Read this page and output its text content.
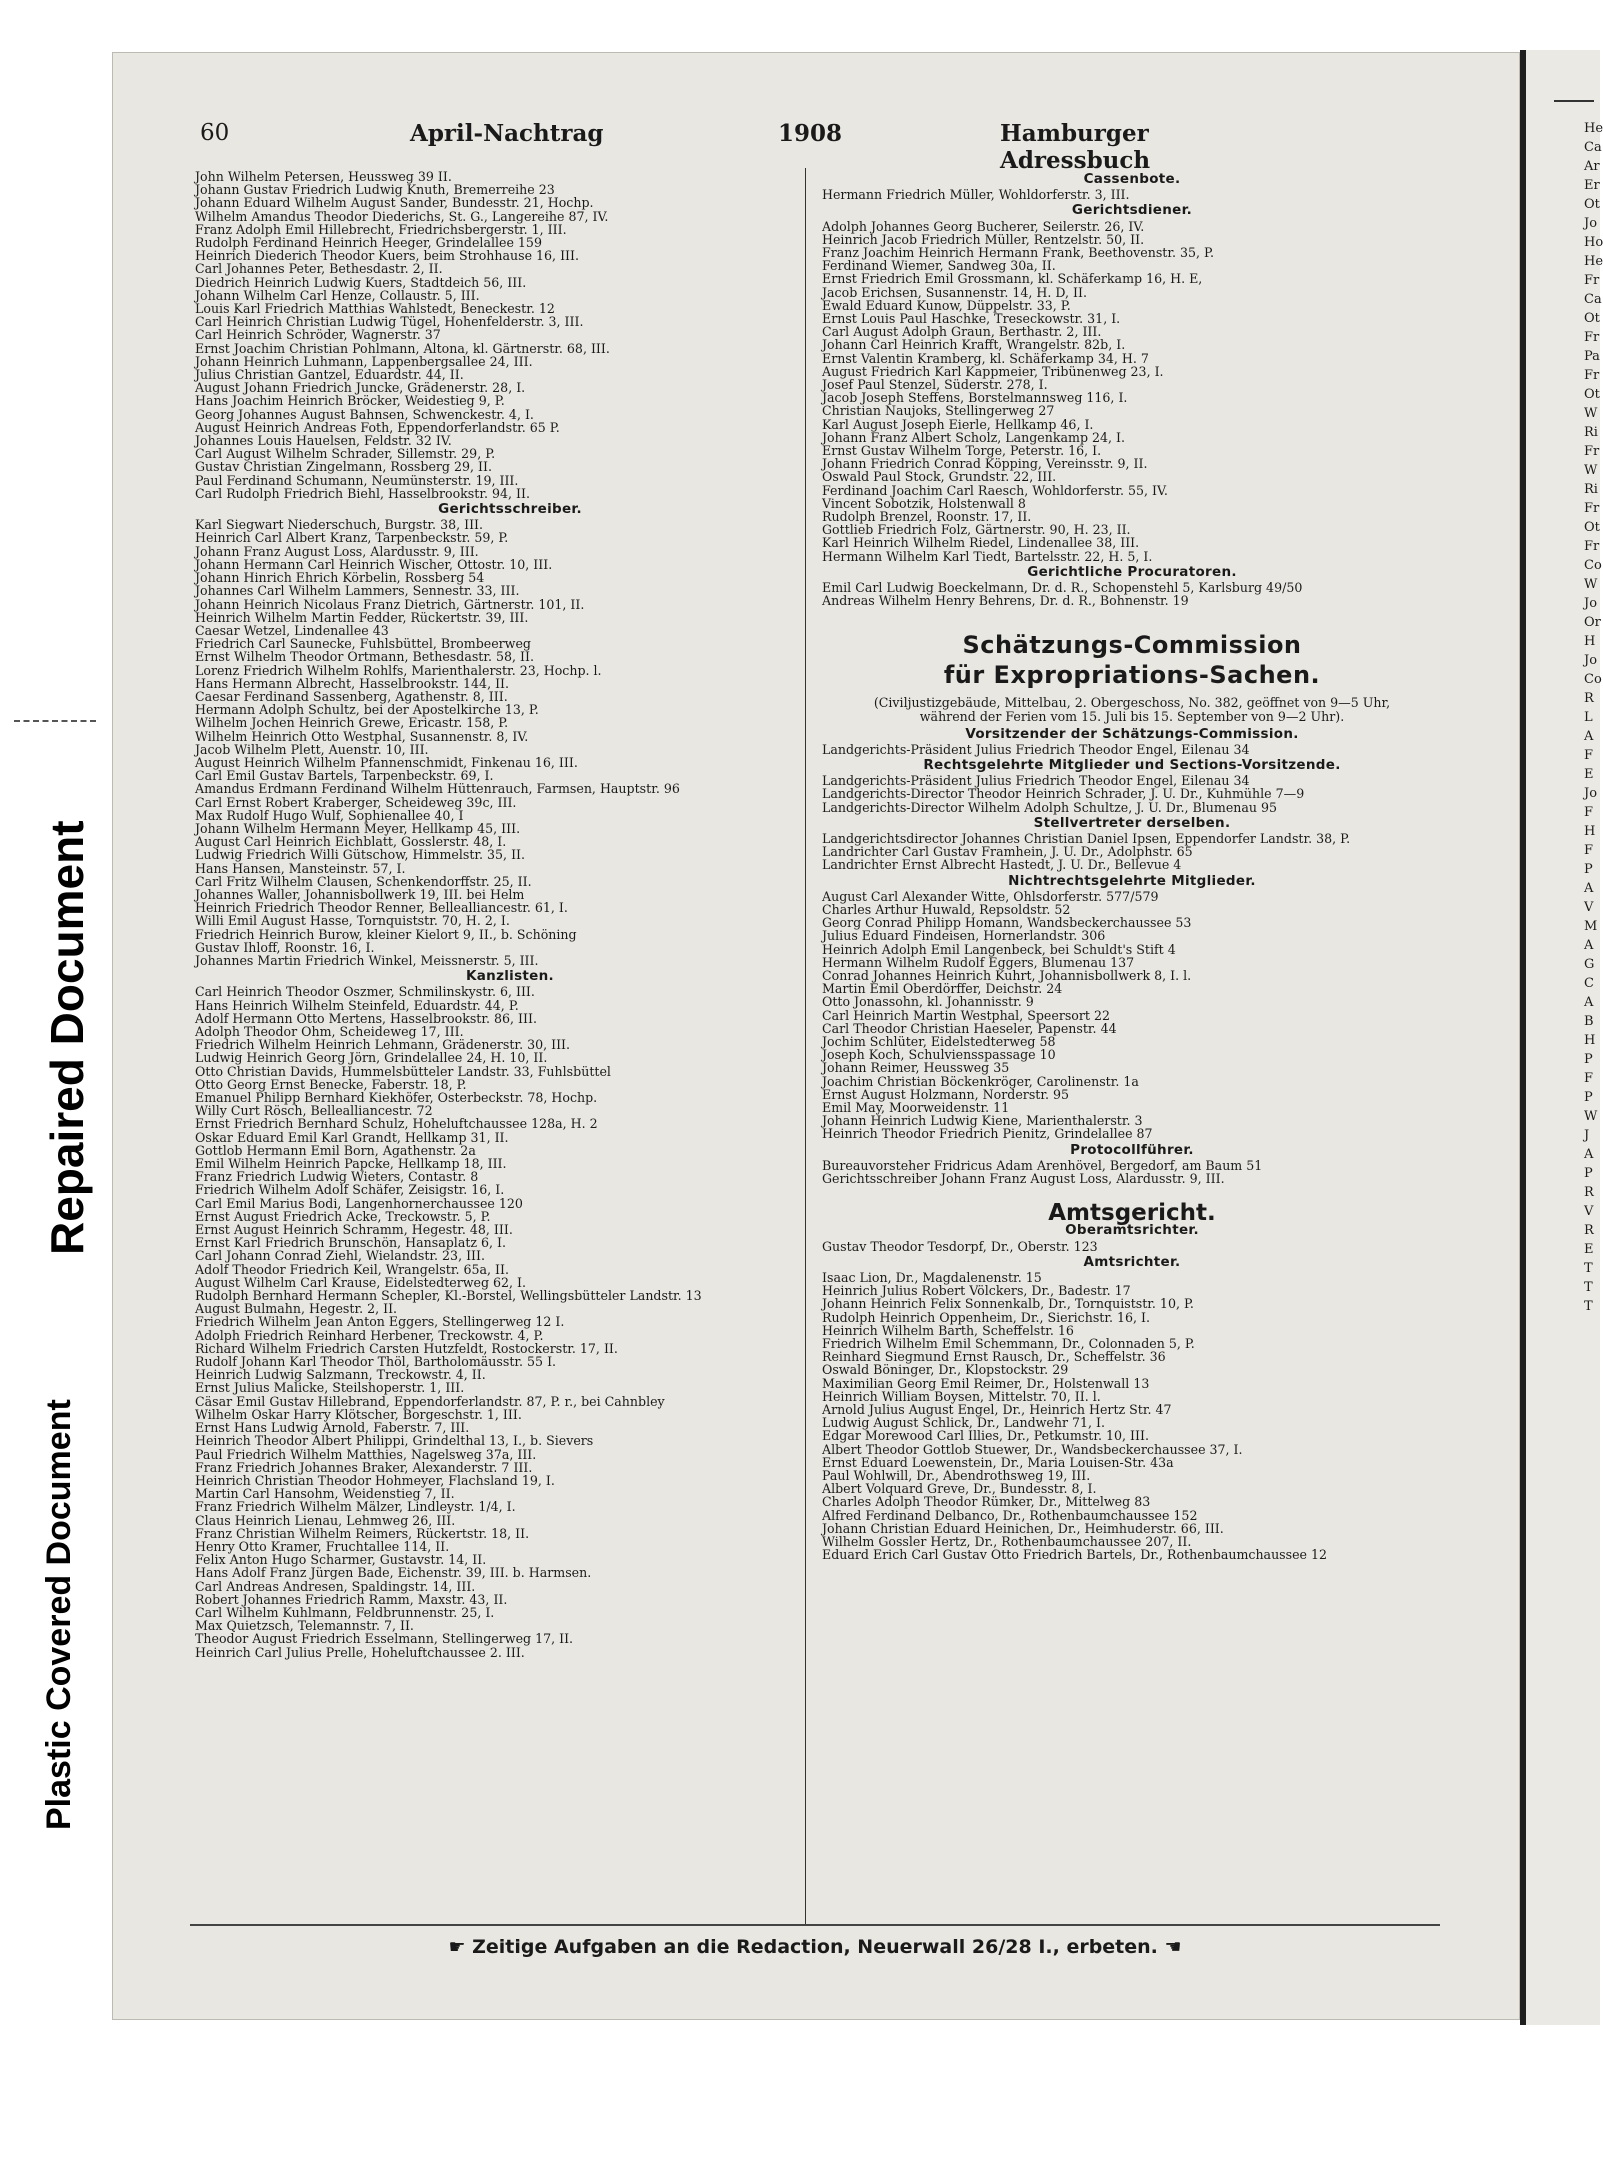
Repaired Document
Plastic Covered Document
He
Ca
Ar
Er
Ot
Jo
Ho
He
Fr
Ca
Ot
Fr
Pa
Fr
Ot
W
Ri
Fr
W
Ri
Fr
Ot
Fr
Co
W
Jo
Or
H
Jo
Co
R
L
A
F
E
Jo
F
H
F
P
A
V
M
A
G
C
A
B
H
P
F
P
W
J
A
P
R
V
R
E
T
T
T
60	April-Nachtrag	1908	Hamburger Adressbuch
John Wilhelm Petersen, Heussweg 39 II.
Johann Gustav Friedrich Ludwig Knuth, Bremerreihe 23
Johann Eduard Wilhelm August Sander, Bundesstr. 21, Hochp.
Wilhelm Amandus Theodor Diederichs, St. G., Langereihe 87, IV.
Franz Adolph Emil Hillebrecht, Friedrichsbergerstr. 1, III.
Rudolph Ferdinand Heinrich Heeger, Grindelallee 159
Heinrich Diederich Theodor Kuers, beim Strohhause 16, III.
Carl Johannes Peter, Bethesdastr. 2, II.
Diedrich Heinrich Ludwig Kuers, Stadtdeich 56, III.
Johann Wilhelm Carl Henze, Collaustr. 5, III.
Louis Karl Friedrich Matthias Wahlstedt, Beneckestr. 12
Carl Heinrich Christian Ludwig Tügel, Hohenfelderstr. 3, III.
Carl Heinrich Schröder, Wagnerstr. 37
Ernst Joachim Christian Pohlmann, Altona, kl. Gärtnerstr. 68, III.
Johann Heinrich Luhmann, Lappenbergsallee 24, III.
Julius Christian Gantzel, Eduardstr. 44, II.
August Johann Friedrich Juncke, Grädenerstr. 28, I.
Hans Joachim Heinrich Bröcker, Weidestieg 9, P.
Georg Johannes August Bahnsen, Schwenckestr. 4, I.
August Heinrich Andreas Foth, Eppendorferlandstr. 65 P.
Johannes Louis Hauelsen, Feldstr. 32 IV.
Carl August Wilhelm Schrader, Sillemstr. 29, P.
Gustav Christian Zingelmann, Rossberg 29, II.
Paul Ferdinand Schumann, Neumünsterstr. 19, III.
Carl Rudolph Friedrich Biehl, Hasselbrookstr. 94, II.
Gerichtsschreiber.
Karl Siegwart Niederschuch, Burgstr. 38, III.
Heinrich Carl Albert Kranz, Tarpenbeckstr. 59, P.
Johann Franz August Loss, Alardusstr. 9, III.
Johann Hermann Carl Heinrich Wischer, Ottostr. 10, III.
Johann Hinrich Ehrich Körbelin, Rossberg 54
Johannes Carl Wilhelm Lammers, Sennestr. 33, III.
Johann Heinrich Nicolaus Franz Dietrich, Gärtnerstr. 101, II.
Heinrich Wilhelm Martin Fedder, Rückertstr. 39, III.
Caesar Wetzel, Lindenallee 43
Friedrich Carl Saunecke, Fuhlsbüttel, Brombeerweg
Ernst Wilhelm Theodor Ortmann, Bethesdastr. 58, II.
Lorenz Friedrich Wilhelm Rohlfs, Marienthalerstr. 23, Hochp. l.
Hans Hermann Albrecht, Hasselbrookstr. 144, II.
Caesar Ferdinand Sassenberg, Agathenstr. 8, III.
Hermann Adolph Schultz, bei der Apostelkirche 13, P.
Wilhelm Jochen Heinrich Grewe, Ericastr. 158, P.
Wilhelm Heinrich Otto Westphal, Susannenstr. 8, IV.
Jacob Wilhelm Plett, Auenstr. 10, III.
August Heinrich Wilhelm Pfannenschmidt, Finkenau 16, III.
Carl Emil Gustav Bartels, Tarpenbeckstr. 69, I.
Amandus Erdmann Ferdinand Wilhelm Hüttenrauch, Farmsen, Hauptstr. 96
Carl Ernst Robert Kraberger, Scheideweg 39c, III.
Max Rudolf Hugo Wulf, Sophienallee 40, I
Johann Wilhelm Hermann Meyer, Hellkamp 45, III.
August Carl Heinrich Eichblatt, Gosslerstr. 48, I.
Ludwig Friedrich Willi Gütschow, Himmelstr. 35, II.
Hans Hansen, Mansteinstr. 57, I.
Carl Fritz Wilhelm Clausen, Schenkendorffstr. 25, II.
Johannes Waller, Johannisbollwerk 19, III. bei Helm
Heinrich Friedrich Theodor Renner, Bellealliancestr. 61, I.
Willi Emil August Hasse, Tornquiststr. 70, H. 2, I.
Friedrich Heinrich Burow, kleiner Kielort 9, II., b. Schöning
Gustav Ihloff, Roonstr. 16, I.
Johannes Martin Friedrich Winkel, Meissnerstr. 5, III.
Kanzlisten.
Carl Heinrich Theodor Oszmer, Schmilinskystr. 6, III.
Hans Heinrich Wilhelm Steinfeld, Eduardstr. 44, P.
Adolf Hermann Otto Mertens, Hasselbrookstr. 86, III.
Adolph Theodor Ohm, Scheideweg 17, III.
Friedrich Wilhelm Heinrich Lehmann, Grädenerstr. 30, III.
Ludwig Heinrich Georg Jörn, Grindelallee 24, H. 10, II.
Otto Christian Davids, Hummelsbütteler Landstr. 33, Fuhlsbüttel
Otto Georg Ernst Benecke, Faberstr. 18, P.
Emanuel Philipp Bernhard Kiekhöfer, Osterbeckstr. 78, Hochp.
Willy Curt Rösch, Bellealliancestr. 72
Ernst Friedrich Bernhard Schulz, Hoheluftchaussee 128a, H. 2
Oskar Eduard Emil Karl Grandt, Hellkamp 31, II.
Gottlob Hermann Emil Born, Agathenstr. 2a
Emil Wilhelm Heinrich Papcke, Hellkamp 18, III.
Franz Friedrich Ludwig Wieters, Contastr. 8
Friedrich Wilhelm Adolf Schäfer, Zeisigstr. 16, I.
Carl Emil Marius Bodi, Langenhornerchaussee 120
Ernst August Friedrich Acke, Treckowstr. 5, P.
Ernst August Heinrich Schramm, Hegestr. 48, III.
Ernst Karl Friedrich Brunschön, Hansaplatz 6, I.
Carl Johann Conrad Ziehl, Wielandstr. 23, III.
Adolf Theodor Friedrich Keil, Wrangelstr. 65a, II.
August Wilhelm Carl Krause, Eidelstedterweg 62, I.
Rudolph Bernhard Hermann Schepler, Kl.-Borstel, Wellingsbütteler Landstr. 13
August Bulmahn, Hegestr. 2, II.
Friedrich Wilhelm Jean Anton Eggers, Stellingerweg 12 I.
Adolph Friedrich Reinhard Herbener, Treckowstr. 4, P.
Richard Wilhelm Friedrich Carsten Hutzfeldt, Rostockerstr. 17, II.
Rudolf Johann Karl Theodor Thöl, Bartholomäusstr. 55 I.
Heinrich Ludwig Salzmann, Treckowstr. 4, II.
Ernst Julius Malicke, Steilshoperstr. 1, III.
Cäsar Emil Gustav Hillebrand, Eppendorferlandstr. 87, P. r., bei Cahnbley
Wilhelm Oskar Harry Klötscher, Borgeschstr. 1, III.
Ernst Hans Ludwig Arnold, Faberstr. 7, III.
Heinrich Theodor Albert Philippi, Grindelthal 13, I., b. Sievers
Paul Friedrich Wilhelm Matthies, Nagelsweg 37a, III.
Franz Friedrich Johannes Braker, Alexanderstr. 7 III.
Heinrich Christian Theodor Hohmeyer, Flachsland 19, I.
Martin Carl Hansohm, Weidenstieg 7, II.
Franz Friedrich Wilhelm Mälzer, Lindleystr. 1/4, I.
Claus Heinrich Lienau, Lehmweg 26, III.
Franz Christian Wilhelm Reimers, Rückertstr. 18, II.
Henry Otto Kramer, Fruchtallee 114, II.
Felix Anton Hugo Scharmer, Gustavstr. 14, II.
Hans Adolf Franz Jürgen Bade, Eichenstr. 39, III. b. Harmsen.
Carl Andreas Andresen, Spaldingstr. 14, III.
Robert Johannes Friedrich Ramm, Maxstr. 43, II.
Carl Wilhelm Kuhlmann, Feldbrunnenstr. 25, I.
Max Quietzsch, Telemannstr. 7, II.
Theodor August Friedrich Esselmann, Stellingerweg 17, II.
Heinrich Carl Julius Prelle, Hoheluftchaussee 2. III.
Cassenbote.
Hermann Friedrich Müller, Wohldorferstr. 3, III.
Gerichtsdiener.
Adolph Johannes Georg Bucherer, Seilerstr. 26, IV.
Heinrich Jacob Friedrich Müller, Rentzelstr. 50, II.
Franz Joachim Heinrich Hermann Frank, Beethovenstr. 35, P.
Ferdinand Wiemer, Sandweg 30a, II.
Ernst Friedrich Emil Grossmann, kl. Schäferkamp 16, H. E,
Jacob Erichsen, Susannenstr. 14, H. D, II.
Ewald Eduard Kunow, Düppelstr. 33, P.
Ernst Louis Paul Haschke, Treseckowstr. 31, I.
Carl August Adolph Graun, Berthastr. 2, III.
Johann Carl Heinrich Krafft, Wrangelstr. 82b, I.
Ernst Valentin Kramberg, kl. Schäferkamp 34, H. 7
August Friedrich Karl Kappmeier, Tribünenweg 23, I.
Josef Paul Stenzel, Süderstr. 278, I.
Jacob Joseph Steffens, Borstelmannsweg 116, I.
Christian Naujoks, Stellingerweg 27
Karl August Joseph Eierle, Hellkamp 46, I.
Johann Franz Albert Scholz, Langenkamp 24, I.
Ernst Gustav Wilhelm Torge, Peterstr. 16, I.
Johann Friedrich Conrad Köpping, Vereinsstr. 9, II.
Oswald Paul Stock, Grundstr. 22, III.
Ferdinand Joachim Carl Raesch, Wohldorferstr. 55, IV.
Vincent Sobotzik, Holstenwall 8
Rudolph Brenzel, Roonstr. 17, II.
Gottlieb Friedrich Folz, Gärtnerstr. 90, H. 23, II.
Karl Heinrich Wilhelm Riedel, Lindenallee 38, III.
Hermann Wilhelm Karl Tiedt, Bartelsstr. 22, H. 5, I.
Gerichtliche Procuratoren.
Emil Carl Ludwig Boeckelmann, Dr. d. R., Schopenstehl 5, Karlsburg 49/50
Andreas Wilhelm Henry Behrens, Dr. d. R., Bohnenstr. 19
Schätzungs-Commission
für Expropriations-Sachen.
(Civiljustizgebäude, Mittelbau, 2. Obergeschoss, No. 382, geöffnet von 9—5 Uhr,
während der Ferien vom 15. Juli bis 15. September von 9—2 Uhr).
Vorsitzender der Schätzungs-Commission.
Landgerichts-Präsident Julius Friedrich Theodor Engel, Eilenau 34
Rechtsgelehrte Mitglieder und Sections-Vorsitzende.
Landgerichts-Präsident Julius Friedrich Theodor Engel, Eilenau 34
Landgerichts-Director Theodor Heinrich Schrader, J. U. Dr., Kuhmühle 7—9
Landgerichts-Director Wilhelm Adolph Schultze, J. U. Dr., Blumenau 95
Stellvertreter derselben.
Landgerichtsdirector Johannes Christian Daniel Ipsen, Eppendorfer Landstr. 38, P.
Landrichter Carl Gustav Framhein, J. U. Dr., Adolphstr. 65
Landrichter Ernst Albrecht Hastedt, J. U. Dr., Bellevue 4
Nichtrechtsgelehrte Mitglieder.
August Carl Alexander Witte, Ohlsdorferstr. 577/579
Charles Arthur Huwald, Repsoldstr. 52
Georg Conrad Philipp Homann, Wandsbeckerchaussee 53
Julius Eduard Findeisen, Hornerlandstr. 306
Heinrich Adolph Emil Langenbeck, bei Schuldt's Stift 4
Hermann Wilhelm Rudolf Eggers, Blumenau 137
Conrad Johannes Heinrich Kuhrt, Johannisbollwerk 8, I. l.
Martin Emil Oberdörffer, Deichstr. 24
Otto Jonassohn, kl. Johannisstr. 9
Carl Heinrich Martin Westphal, Speersort 22
Carl Theodor Christian Haeseler, Papenstr. 44
Jochim Schlüter, Eidelstedterweg 58
Joseph Koch, Schulviensspassage 10
Johann Reimer, Heussweg 35
Joachim Christian Böckenkröger, Carolinenstr. 1a
Ernst August Holzmann, Norderstr. 95
Emil May, Moorweidenstr. 11
Johann Heinrich Ludwig Kiene, Marienthalerstr. 3
Heinrich Theodor Friedrich Pienitz, Grindelallee 87
Protocollführer.
Bureauvorsteher Fridricus Adam Arenhövel, Bergedorf, am Baum 51
Gerichtsschreiber Johann Franz August Loss, Alardusstr. 9, III.
Amtsgericht.
Oberamtsrichter.
Gustav Theodor Tesdorpf, Dr., Oberstr. 123
Amtsrichter.
Isaac Lion, Dr., Magdalenenstr. 15
Heinrich Julius Robert Völckers, Dr., Badestr. 17
Johann Heinrich Felix Sonnenkalb, Dr., Tornquiststr. 10, P.
Rudolph Heinrich Oppenheim, Dr., Sierichstr. 16, I.
Heinrich Wilhelm Barth, Scheffelstr. 16
Friedrich Wilhelm Emil Schemmann, Dr., Colonnaden 5, P.
Reinhard Siegmund Ernst Rausch, Dr., Scheffelstr. 36
Oswald Böninger, Dr., Klopstockstr. 29
Maximilian Georg Emil Reimer, Dr., Holstenwall 13
Heinrich William Boysen, Mittelstr. 70, II. l.
Arnold Julius August Engel, Dr., Heinrich Hertz Str. 47
Ludwig August Schlick, Dr., Landwehr 71, I.
Edgar Morewood Carl Illies, Dr., Petkumstr. 10, III.
Albert Theodor Gottlob Stuewer, Dr., Wandsbeckerchaussee 37, I.
Ernst Eduard Loewenstein, Dr., Maria Louisen-Str. 43a
Paul Wohlwill, Dr., Abendrothsweg 19, III.
Albert Volquard Greve, Dr., Bundesstr. 8, I.
Charles Adolph Theodor Rümker, Dr., Mittelweg 83
Alfred Ferdinand Delbanco, Dr., Rothenbaumchaussee 152
Johann Christian Eduard Heinichen, Dr., Heimhuderstr. 66, III.
Wilhelm Gossler Hertz, Dr., Rothenbaumchaussee 207, II.
Eduard Erich Carl Gustav Otto Friedrich Bartels, Dr., Rothenbaumchaussee 12
☛ Zeitige Aufgaben an die Redaction, Neuerwall 26/28 I., erbeten. ☚
